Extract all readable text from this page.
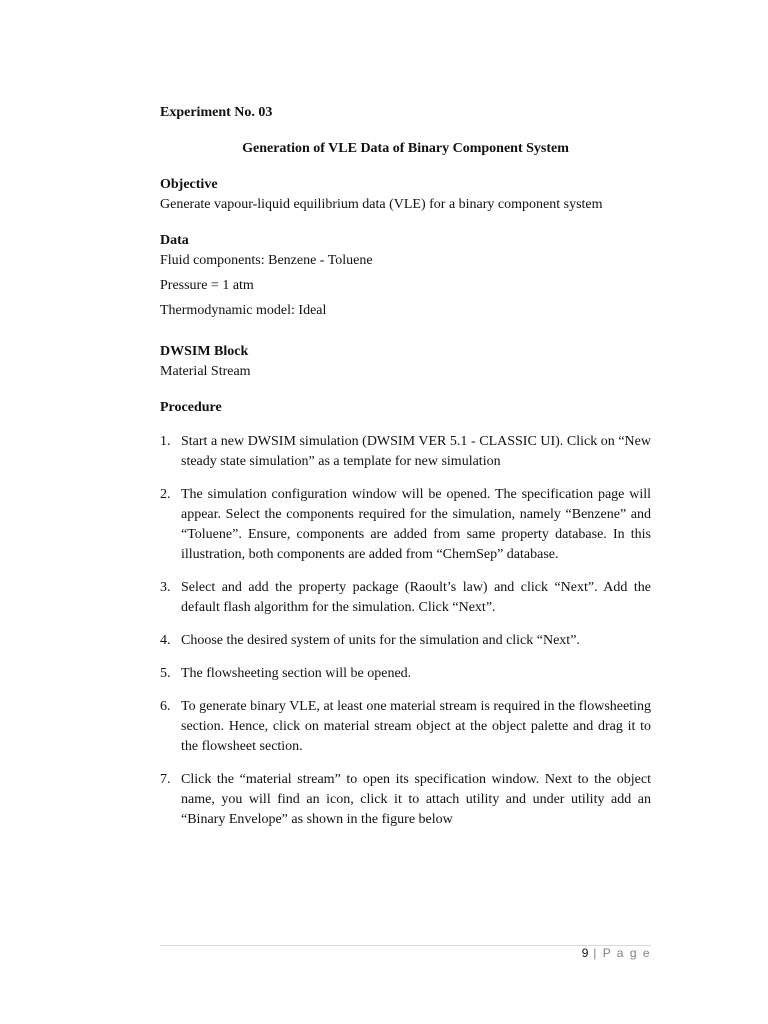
Experiment No. 03

Generation of VLE Data of Binary Component System

Objective

Generate vapour-liquid equilibrium data (VLE) for a binary component system

Data

Fluid components: Benzene - Toluene

Pressure = 1 atm

Thermodynamic model: Ideal

DWSIM Block

Material Stream

Procedure

1. Start a new DWSIM simulation (DWSIM VER 5.1 - CLASSIC UI). Click on “New steady state simulation” as a template for new simulation
2. The simulation configuration window will be opened. The specification page will appear. Select the components required for the simulation, namely “Benzene” and “Toluene”. Ensure, components are added from same property database. In this illustration, both components are added from “ChemSep” database.
3. Select and add the property package (Raoult’s law) and click “Next”. Add the default flash algorithm for the simulation. Click “Next”.
4. Choose the desired system of units for the simulation and click “Next”.
5. The flowsheeting section will be opened.
6. To generate binary VLE, at least one material stream is required in the flowsheeting section. Hence, click on material stream object at the object palette and drag it to the flowsheet section.
7. Click the “material stream” to open its specification window. Next to the object name, you will find an icon, click it to attach utility and under utility add an “Binary Envelope” as shown in the figure below
9 | P a g e
